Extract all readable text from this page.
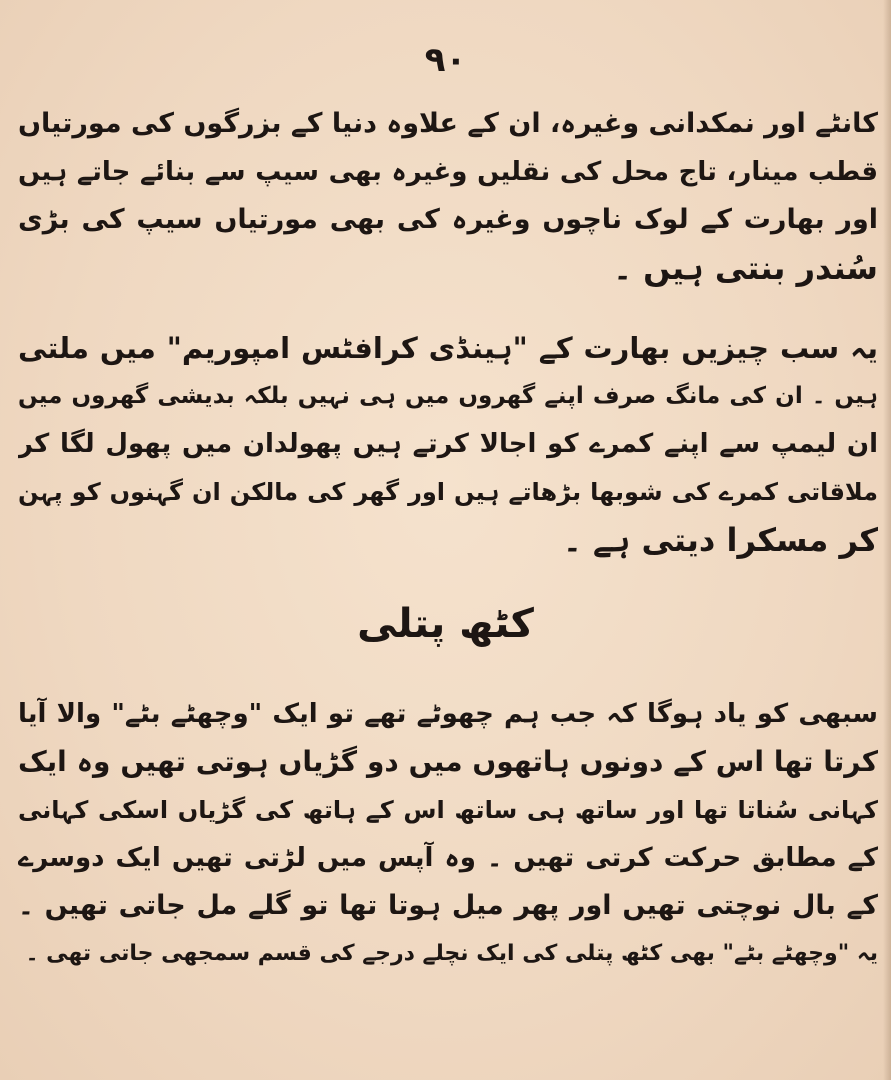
۹۰
کانٹے اور نمکدانی وغیرہ، ان کے علاوہ دنیا کے بزرگوں کی مورتیاں
قطب مینار، تاج محل کی نقلیں وغیرہ بھی سیپ سے بنائے جاتے ہیں
اور بھارت کے لوک ناچوں وغیرہ کی بھی مورتیاں سیپ کی بڑی
سُندر بنتی ہیں ۔
یہ سب چیزیں بھارت کے "ہینڈی کرافٹس امپوریم" میں ملتی
ہیں ۔ ان کی مانگ صرف اپنے گھروں میں ہی نہیں بلکہ بدیشی گھروں میں
ان لیمپ سے اپنے کمرے کو اجالا کرتے ہیں پھولدان میں پھول لگا کر
ملاقاتی کمرے کی شوبھا بڑھاتے ہیں اور گھر کی مالکن ان گہنوں کو پہن
کر مسکرا دیتی ہے ۔
کٹھ پتلی
سبھی کو یاد ہوگا کہ جب ہم چھوٹے تھے تو ایک "وچھٹے بٹے" والا آیا
کرتا تھا اس کے دونوں ہاتھوں میں دو گڑیاں ہوتی تھیں وہ ایک
کہانی سُناتا تھا اور ساتھ ہی ساتھ اس کے ہاتھ کی گڑیاں اسکی کہانی
کے مطابق حرکت کرتی تھیں ۔ وہ آپس میں لڑتی تھیں ایک دوسرے
کے بال نوچتی تھیں اور پھر میل ہوتا تھا تو گلے مل جاتی تھیں ۔
یہ "وچھٹے بٹے" بھی کٹھ پتلی کی ایک نچلے درجے کی قسم سمجھی جاتی تھی ۔
